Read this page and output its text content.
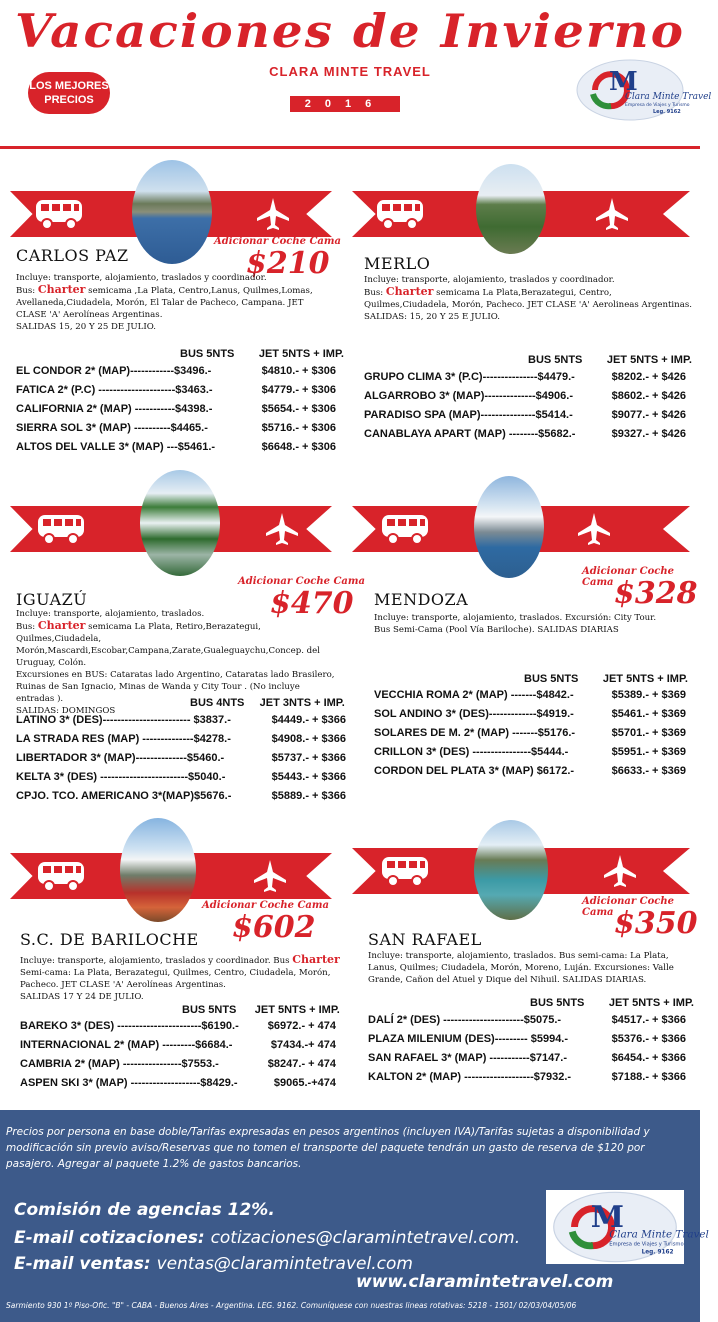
Vacaciones de Invierno
CLARA MINTE TRAVEL
LOS MEJORES PRECIOS	2016
M
Clara Minte Travel
Empresa de Viajes y Turismo
Leg. 9162
CARLOS PAZ
Adicionar Coche Cama
$210
Incluye: transporte, alojamiento, traslados y coordinador.
Bus: Charter semicama ,La Plata, Centro,Lanus, Quilmes,Lomas, Avellaneda,Ciudadela, Morón, El Talar de Pacheco, Campana. JET CLASE 'A' Aerolíneas Argentinas.
SALIDAS 15, 20 Y 25 DE JULIO.
BUS 5NTS        JET 5NTS + IMP.
EL CONDOR 2* (MAP)------------$3496.-	$4810.- + $306
FATICA 2* (P.C) ---------------------$3463.-	$4779.- + $306
CALIFORNIA 2* (MAP) -----------$4398.-	$5654.- + $306
SIERRA SOL 3* (MAP) ----------$4465.-	$5716.- + $306
ALTOS DEL VALLE 3* (MAP) ---$5461.-	$6648.- + $306
MERLO
Incluye: transporte, alojamiento, traslados y coordinador.
Bus: Charter semicama La Plata,Berazategui, Centro, Quilmes,Ciudadela, Morón, Pacheco. JET CLASE 'A' Aerolineas Argentinas.
SALIDAS: 15, 20 Y 25 E JULIO.
BUS 5NTS        JET 5NTS + IMP.
GRUPO CLIMA 3* (P.C)---------------$4479.-	$8202.- + $426
ALGARROBO 3* (MAP)--------------$4906.-	$8602.- + $426
PARADISO SPA (MAP)---------------$5414.-	$9077.- + $426
CANABLAYA APART (MAP) --------$5682.-	$9327.- + $426
IGUAZÚ
Adicionar Coche Cama
$470
Incluye: transporte, alojamiento, traslados.
Bus: Charter semicama La Plata, Retiro,Berazategui, Quilmes,Ciudadela, Morón,Mascardi,Escobar,Campana,Zarate,Gualeguaychu,Concep. del Uruguay, Colón.
Excursiones en BUS: Cataratas lado Argentino, Cataratas lado Brasilero, Ruinas de San Ignacio, Minas de Wanda y City Tour . (No incluye entradas ).
SALIDAS: DOMINGOS
BUS 4NTS     JET 3NTS + IMP.
LATINO 3* (DES)------------------------ $3837.-	$4449.- + $366
LA STRADA RES (MAP) --------------$4278.-	$4908.- + $366
LIBERTADOR 3* (MAP)--------------$5460.-	$5737.- + $366
KELTA 3* (DES) ------------------------$5040.-	$5443.- + $366
CPJO. TCO. AMERICANO 3*(MAP)$5676.-	$5889.- + $366
MENDOZA
Adicionar Coche Cama $328
Incluye: transporte, alojamiento, traslados. Excursión: City Tour.
Bus Semi-Cama (Pool Vía Bariloche). SALIDAS DIARIAS
BUS 5NTS        JET 5NTS + IMP.
VECCHIA ROMA 2* (MAP) -------$4842.-	$5389.- + $369
SOL ANDINO 3* (DES)-------------$4919.-	$5461.- + $369
SOLARES DE M. 2* (MAP) -------$5176.-	$5701.- + $369
CRILLON 3* (DES) ----------------$5444.-	$5951.- + $369
CORDON DEL PLATA 3* (MAP) $6172.-	$6633.- + $369
S.C. DE BARILOCHE
Adicionar Coche Cama
$602
Incluye: transporte, alojamiento, traslados y coordinador. Bus Charter Semi-cama: La Plata, Berazategui, Quilmes, Centro, Ciudadela, Morón, Pacheco. JET CLASE 'A' Aerolíneas Argentinas.
SALIDAS 17 Y 24 DE JULIO.
BUS 5NTS      JET 5NTS + IMP.
BAREKO 3* (DES) -----------------------$6190.-	$6972.- + 474
INTERNACIONAL 2* (MAP) ---------$6684.-	$7434.-+ 474
CAMBRIA 2* (MAP) ----------------$7553.-	$8247.- + 474
ASPEN SKI 3* (MAP) -------------------$8429.-	$9065.-+474
SAN RAFAEL
Adicionar Coche Cama $350
Incluye: transporte, alojamiento, traslados. Bus semi-cama: La Plata, Lanus, Quilmes; Ciudadela, Morón, Moreno, Luján. Excursiones: Valle Grande, Cañon del Atuel y Dique del Nihuil. SALIDAS DIARIAS.
BUS 5NTS        JET 5NTS + IMP.
DALÍ 2* (DES) ----------------------$5075.-	$4517.- + $366
PLAZA MILENIUM (DES)--------- $5994.-	$5376.- + $366
SAN RAFAEL 3* (MAP) -----------$7147.-	$6454.- + $366
KALTON 2* (MAP) -------------------$7932.-	$7188.- + $366
Precios por persona en base doble/Tarifas expresadas en pesos argentinos (incluyen IVA)/Tarifas sujetas a disponibilidad y modificación sin previo aviso/Reservas que no tomen el transporte del paquete tendrán un gasto de reserva de $120 por pasajero. Agregar al paquete 1.2% de gastos bancarios.
Comisión de agencias 12%.
E-mail cotizaciones: cotizaciones@claramintetravel.com.
E-mail ventas: ventas@claramintetravel.com
www.claramintetravel.com
Sarmiento 930 1º Piso-Ofic. "B" - CABA - Buenos Aires - Argentina. LEG. 9162. Comuníquese con nuestras lineas rotativas: 5218 - 1501/ 02/03/04/05/06
M
Clara Minte Travel
Empresa de Viajes y Turismo
Leg. 9162
